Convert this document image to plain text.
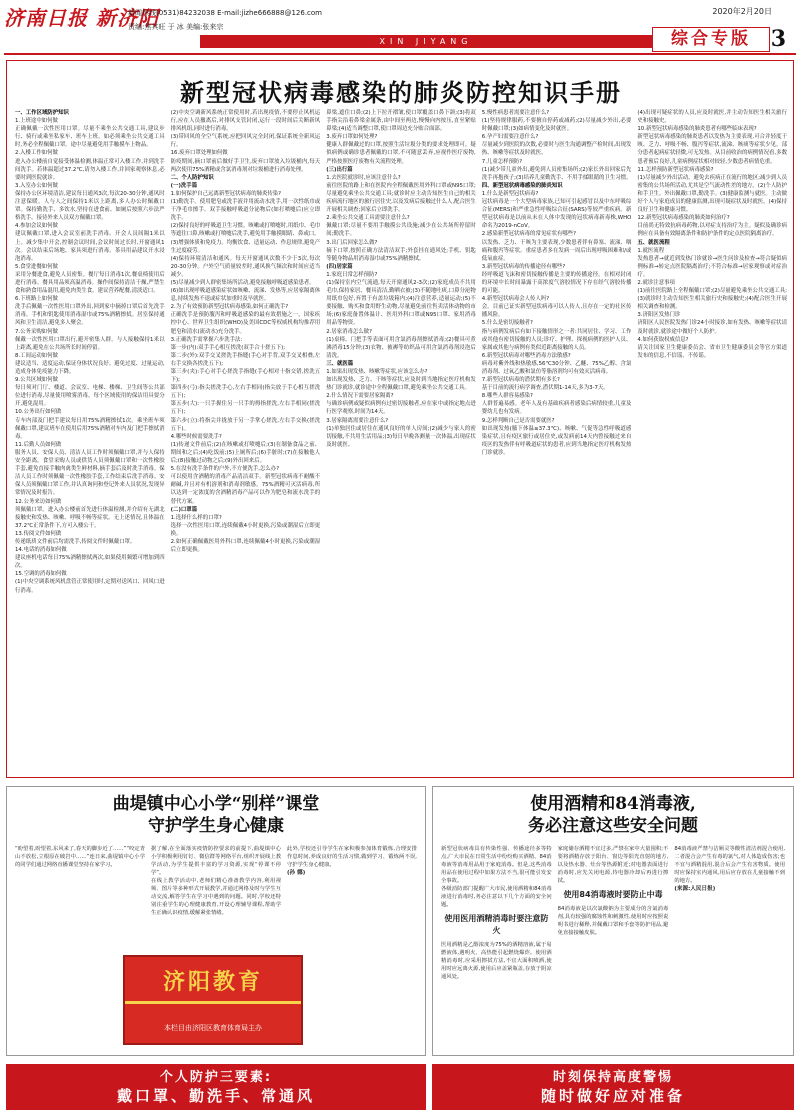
济南日报 新济阳
新闻热线(0531)84232038 E-mail:jizhe666888@126.com
责编:焦其旺 于 冰 美编:张来宗
2020年2月20日
3
XIN JIYANG	综合专版
新型冠状病毒感染的肺炎防控知识手册

一、工作区域防护知识

1.上班途中如何做

正确佩戴一次性医用口罩。尽量不乘坐公共交通工具,建议步行、骑行或乘坐私家车、班车上班。如必须乘坐公共交通工具时,务必全程佩戴口罩。途中尽量避免用手触摸车上物品。

2.入楼工作如何做

进入办公楼前自觉接受体温检测,体温正常可入楼工作,并到洗手间洗手。若体温超过37.2℃,请勿入楼工作,并回家观察休息,必要时到医院就诊。

3.入室办公如何做

保持办公区环境清洁,建议每日通风3次,每次20-30分钟,通风时注意保暖。人与人之间保持1米以上距离,多人办公时佩戴口罩。保持勤洗手、多饮水,坚持在进食前、如厕后按照六步法严格洗手。接待外来人员双方佩戴口罩。

4.参加会议如何做

建议佩戴口罩,进入会议室前洗手消毒。开会人员间隔1米以上。减少集中开会,控制会议时间,会议时间过长时,开窗通风1次。会议结束后场地、家具须进行消毒。茶具用品建议开水浸泡消毒。

5.食堂进餐如何做

采用分餐进食,避免人员密集。餐厅每日消毒1次,餐桌椅使用后进行消毒。餐具用品须高温消毒。操作间保持清洁干燥,严禁生食和熟食用品混用,避免肉类生食。建议营养配餐,清淡适口。

6.下班路上如何做

洗手后佩戴一次性医用口罩外出,回到家中摘掉口罩后首先洗手消毒。手机和钥匙使用消毒湿巾或75%酒精擦拭。居室保持通风和卫生清洁,避免多人聚会。

7.公务采购如何做

佩戴一次性医用口罩出行,避开密集人群。与人接触保持1米以上距离,避免在公共场所长时间停留。

8.工间运动如何做

建议适当、适度运动,保证身体状况良好。避免过度、过量运动,造成身体免疫能力下降。

9.公共区域如何做

每日须对门厅、楼道、会议室、电梯、楼梯、卫生间等公共部位进行消毒,尽量使用喷雾消毒。每个区域使用的保洁用具要分开,避免混用。

10.公务出行如何做

专车内部及门把手建议每日用75%酒精擦拭1次。乘坐班车须佩戴口罩,建议班车在使用后用75%酒精对车内及门把手擦拭消毒。

11.后勤人员如何做

服务人员、安保人员、清洁人员工作时须佩戴口罩,并与人保持安全距离。食堂采购人员或供货人员须佩戴口罩和一次性橡胶手套,避免直接手触肉禽类生鲜材料,摘手套后及时洗手消毒。保洁人员工作时须佩戴一次性橡胶手套,工作结束后洗手消毒。安保人员须佩戴口罩工作,并认真询问和登记外来人员状况,发现异常情况及时报告。

12.公务来访如何做

须佩戴口罩。进入办公楼前首先进行体温检测,并介绍有无湖北接触史和发热、咳嗽、呼吸不畅等症状。无上述情况,且体温在37.2℃正常条件下,方可入楼公干。

13.传阅文件如何做

传递纸质文件前后均需洗手,传阅文件时佩戴口罩。

14.电话的消毒如何做

建议座机电话每日75%酒精擦拭两次,如果使用频繁可增加到四次。

15.空调的消毒如何做

(1)中央空调系统风机盘管正常使用时,定期对送风口、回风口进行消毒。

(2)中央空调新风系统正常使用时,若出现疫情,不要停止风机运行,应在人员撤离后,对排风支管封闭,运行一段时间后关断新风排风机组,同时进行消毒。

(3)带回风的全空气系统,应把回风完全封闭,保证系统全新风运行。

16.废弃口罩处理如何做

防疫期间,摘口罩前后做好手卫生,废弃口罩放入垃圾桶内,每天两次使用75%酒精或含氯消毒剂对垃圾桶进行消毒处理。

二、个人防护知识

(一)洗手篇

1.如何保护自己远离新型冠状病毒的肺炎传染?

(1)勤洗手。使用肥皂或洗手液并用流动水洗手,用一次性纸巾或干净毛巾擦手。双手接触呼吸道分泌物后(如打喷嚏后)应立即洗手。

(2)保持良好的呼吸道卫生习惯。咳嗽或打喷嚏时,用纸巾、毛巾等遮住口鼻,咳嗽或打喷嚏后洗手,避免用手触摸眼睛、鼻或口。

(3)增强体质和免疫力。均衡饮食、适量运动、作息规律,避免产生过度疲劳。

(4)保持环境清洁和通风。每天开窗通风次数不少于3次,每次20-30分钟。户外空气质量较差时,通风换气频次和时间应适当减少。

(5)尽量减少到人群密集场所活动,避免接触呼吸道感染患者。

(6)如出现呼吸道感染症状如咳嗽、流涕、发热等,应居家隔离休息,持续发热不退或症状加重时及早就医。

2.为了有效预防新型冠状病毒感染,如何正确洗手?

正确洗手是预防腹泻和呼吸道感染的最有效措施之一。国家疾控中心、世界卫生组织(WHO)及美国CDC等权威机构均推荐用肥皂和清水(流动水)充分洗手。

3.正确洗手需掌握六步洗手法:

第一步(内):双手手心相互搓洗(双手合十搓五下);

第二步(外):双手交叉搓洗手指缝(手心对手背,双手交叉相叠,左右手交换各搓洗五下);

第三步(夹):手心对手心搓洗手指缝(手心相对十指交错,搓洗五下);

第四步(弓):指尖搓洗手心,左右手相同(指尖放于手心相互搓洗五下);

第五步(大):一只手握住另一只手的拇指搓洗,左右手相同(搓洗五下);

第六步(立):将指尖并拢放于另一手掌心搓洗,左右手交换(搓洗五下)。

4.哪些时候需要洗手?

(1)传递文件前后;(2)在咳嗽或打喷嚏后;(3)在制备食品之前、期间和之后;(4)吃饭前;(5)上厕所后;(6)手脏时;(7)在接触他人后;(8)接触过动物之后;(9)外出回来后。

5.在没有洗手条件的户外,不方便洗手,怎么办?

可以使用含酒精的消毒产品清洁双手。新型冠状病毒不耐酸不耐碱,并且对有机溶剂和消毒剂敏感。75%酒精可灭活病毒,所以达到一定浓度的含酒精消毒产品可以作为肥皂和流水洗手的替代方案。

(二)口罩篇

1.选择什么样的口罩?

选择一次性医用口罩,连续佩戴4小时更换,污染或潮湿后立即更换。

2.如何正确佩戴医用外科口罩,连续佩戴4小时更换,污染或潮湿后立即更换。

鼻梁,遮住口鼻;(2)上下拉开褶皱,使口罩覆盖口鼻下颌;(3)将双手指尖沿着鼻梁金属条,由中间至两边,慢慢向内按压,直至紧贴鼻梁;(4)适当调整口罩,使口罩周边充分贴合面部。

3.废弃口罩如何处理?

健康人群佩戴过的口罩,按照生活垃圾分类的要求处理即可。疑似病例或确诊患者佩戴的口罩,不可随意丢弃,应视作医疗废物,严格按照医疗废物有关流程处理。

(三)出行篇

1.去医院就诊时,应该注意什么?

前往医院的路上和在医院内全程佩戴医用外科口罩或N95口罩;尽量避免乘坐公共交通工具;就诊时应主动告知医生自己的相关疾病流行地区的旅行居住史,以及发病后接触过什么人,配合医生开展相关调查;回家后立即洗手。

2.乘坐公共交通工具需要注意什么?

佩戴口罩;尽量不要用手触摸公共设施;减少在公共场所停留时间;勤洗手。

3.出门后回家怎么做?

摘下口罩,按照正确方法清洁双手;外套挂在通风处;手机、钥匙等随身物品用消毒湿巾或75%酒精擦拭。

(四)居家篇

1.家庭日常怎样预防?

(1)保持室内空气流通,每天开窗通风2-3次;(2)家庭成员不共用毛巾,保持家居、餐具清洁,勤晒衣被;(3)不随地吐痰,口鼻分泌物用纸巾包好,弃置于有盖垃圾箱内;(4)注意营养,适量运动;(5)不要接触、购买和食用野生动物,尽量避免前往售卖活体动物的市场;(6)家庭备置体温计、医用外科口罩或N95口罩、家用消毒用品等物资。

2.居家消毒怎么做?

(1)桌椅、门把手等表面可用含氯消毒剂擦拭消毒;(2)餐具可煮沸消毒15分钟;(3)衣物、被褥等纺织品可用含氯消毒剂浸泡后清洗。

三、就医篇

1.如果出现发热、咳嗽等症状,应该怎么办?

如出现发热、乏力、干咳等症状,应及时到当地指定医疗机构发热门诊就诊,就诊途中全程佩戴口罩,避免乘坐公共交通工具。

2.什么情况下需要居家隔离?

与确诊病例或疑似病例有过密切接触者,应在家中或指定地点进行医学观察,时间为14天。

3.居家隔离需要注意什么?

(1)单独居住或居住在通风良好的单人房间;(2)减少与家人的密切接触,不共用生活用品;(3)每日早晚各测量一次体温,出现症状及时就医。

5.慢性病患者需要注意什么?

(1)坚持规律服药,不要擅自停药或减药;(2)尽量减少外出,必要时佩戴口罩;(3)如病情变化及时就医。

6.孕产妇需要注意什么?

尽量减少到医院的次数,必要时与医生沟通调整产检时间,出现发热、咳嗽等症状及时就医。

7.儿童怎样预防?

(1)减少带儿童外出,避免到人员密集场所;(2)家长外出回家后先洗手再抱孩子;(3)培养儿童勤洗手、不用手揉眼睛的卫生习惯。

四、新型冠状病毒感染的肺炎知识

1.什么是新型冠状病毒?

冠状病毒是一个大型病毒家族,已知可引起感冒以及中东呼吸综合征(MERS)和严重急性呼吸综合征(SARS)等较严重疾病。新型冠状病毒是以前从未在人体中发现的冠状病毒新毒株,WHO命名为2019-nCoV。

2.感染新型冠状病毒的常见症状有哪些?

以发热、乏力、干咳为主要表现,少数患者伴有鼻塞、流涕、咽痛和腹泻等症状。重症患者多在发病一周后出现呼吸困难和/或低氧血症。

3.新型冠状病毒的传播途径有哪些?

经呼吸道飞沫和密切接触传播是主要的传播途径。在相对封闭的环境中长时间暴露于高浓度气溶胶情况下存在经气溶胶传播的可能。

4.新型冠状病毒会人传人吗?

会。目前已证实新型冠状病毒可以人传人,且存在一定的社区传播风险。

5.什么是密切接触者?

指与病例发病后有如下接触情形之一者:共同居住、学习、工作或其他有密切接触的人员;诊疗、护理、探视病例的医护人员、家属或其他与病例有类似近距离接触的人员。

6.新型冠状病毒对哪些消毒方法敏感?

病毒对紫外线和热敏感,56℃30分钟、乙醚、75%乙醇、含氯消毒剂、过氧乙酸和氯仿等脂溶剂均可有效灭活病毒。

7.新型冠状病毒的潜伏期有多长?

基于目前的流行病学调查,潜伏期1-14天,多为3-7天。

8.哪些人群容易感染?

人群普遍易感。老年人及有基础疾病者感染后病情较重,儿童及婴幼儿也有发病。

9.怎样判断自己是否需要就医?

如出现发热(腋下体温≥37.3℃)、咳嗽、气促等急性呼吸道感染症状,且有疫区旅行或居住史,或发病前14天内曾接触过来自疫区的发热伴有呼吸道症状的患者,应到当地指定医疗机构发热门诊就诊。

(4)出现可疑症状的人员,应及时就医,并主动告知医生相关旅行史和接触史。

10.新型冠状病毒感染的肺炎患者有哪些临床表现?

新型冠状病毒感染的肺炎患者以发热为主要表现,可合并轻度干咳、乏力、呼吸不畅、腹泻等症状,流涕、咳痰等症状少见。部分患者起病症状轻微,可无发热。从目前收治的病例情况看,多数患者预后良好,儿童病例症状相对较轻,少数患者病情危重。

11.怎样预防新型冠状病毒感染?

(1)尽量减少外出活动。避免去疾病正在流行的地区;减少到人员密集的公共场所活动,尤其是空气流动性差的地方。(2)个人防护和手卫生。外出佩戴口罩,勤洗手。(3)健康监测与就医。主动做好个人与家庭成员的健康监测,出现可疑症状及时就医。(4)保持良好卫生和健康习惯。

12.新型冠状病毒感染的肺炎如何治疗?

目前尚无特效抗病毒药物,以对症支持治疗为主。疑似及确诊病例应在具备有效隔离条件和防护条件的定点医院隔离治疗。

五、就医流程

1.就医流程

发热患者→就近到发热门诊就诊→医生问诊及检查→符合疑似病例标准→转定点医院隔离治疗;不符合标准→居家观察或对症治疗。

2.就诊注意事项

(1)前往医院路上全程佩戴口罩;(2)尽量避免乘坐公共交通工具;(3)就诊时主动告知医生相关旅行史和接触史;(4)配合医生开展相关调查和检测。

3.济阳区发热门诊

济阳区人民医院发热门诊24小时接诊,如有发热、咳嗽等症状请及时就诊,就诊途中做好个人防护。

4.如何获取权威信息?

请关注国家卫生健康委员会、省市卫生健康委员会等官方渠道发布的信息,不信谣、不传谣。

曲堤镇中心小学“别样”课堂
守护学生身心健康

“盼望着,盼望着,东风来了,春天的脚步近了……”“咬定青山不放松,立根原在破岩中……”连日来,曲堤镇中心小学的同学们通过网络直播课堂坚持在家学习。

据了解,在全面落实疫情防控要求的前提下,曲堤镇中心小学积极利用钉钉、微信群等网络平台,组织开展线上教学活动,为学生提供丰富的学习资源,实现“停课不停学”。

在线上教学活动中,老师们精心准备教学内容,利用视频、图片等多种形式开展教学,并通过网络及时与学生互动交流,解答学生在学习中遇到的问题。同时,学校还特别注重学生的心理健康教育,开设心理辅导课程,帮助学生正确认识疫情,缓解紧张情绪。

此外,学校还引导学生在家积极参加体育锻炼,合理安排作息时间,养成良好的生活习惯,做到学习、锻炼两不误,守护学生身心健康。

(孙 娜)

济阳教育
本栏目由济阳区教育体育局主办
使用酒精和84消毒液,
务必注意这些安全问题

新型冠状病毒具有传染性强、传播途径多等特点,广大市民在日常生活中纷纷购买酒精、84消毒液等消毒用品用于家庭消毒。但是,这些消毒用品在使用过程中如果方法不当,很可能引发安全事故。

各级消防部门提醒广大市民,使用酒精和84消毒液进行消毒时,务必注意以下几个方面的安全问题。

使用医用酒精消毒时要注意防火

医用酒精是乙醇浓度为75%的酒精溶液,属于易燃液体,遇明火、高热能引起燃烧爆炸。使用酒精消毒时,应采用擦拭方法,不宜大面积喷洒,使用时应远离火源,使用后应盖紧瓶盖,存放于阴凉通风处。

家庭储存酒精不宜过多,严禁在家中大量囤积;不要将酒精存放于阳台、窗边等阳光直射的地方,以及热水器、灶台等热源附近;对电器表面进行消毒时,应先关闭电源,待电器冷却后再进行擦拭。

使用84消毒液时要防止中毒

84消毒液是以次氯酸钠为主要成分的含氯消毒剂,具有较强的腐蚀性和刺激性,使用时应按照说明书进行稀释,并佩戴口罩和手套等防护用品,避免直接接触皮肤。

84消毒液严禁与洁厕灵等酸性清洁剂混合使用,二者混合会产生有毒的氯气,对人体造成伤害;也不宜与酒精混用,混合后会产生有害物质。使用时应保持室内通风,用后应存放在儿童接触不到的地方。

(来源:人民日报)

个人防护三要素:
戴口罩、勤洗手、常通风
时刻保持高度警惕
随时做好应对准备
